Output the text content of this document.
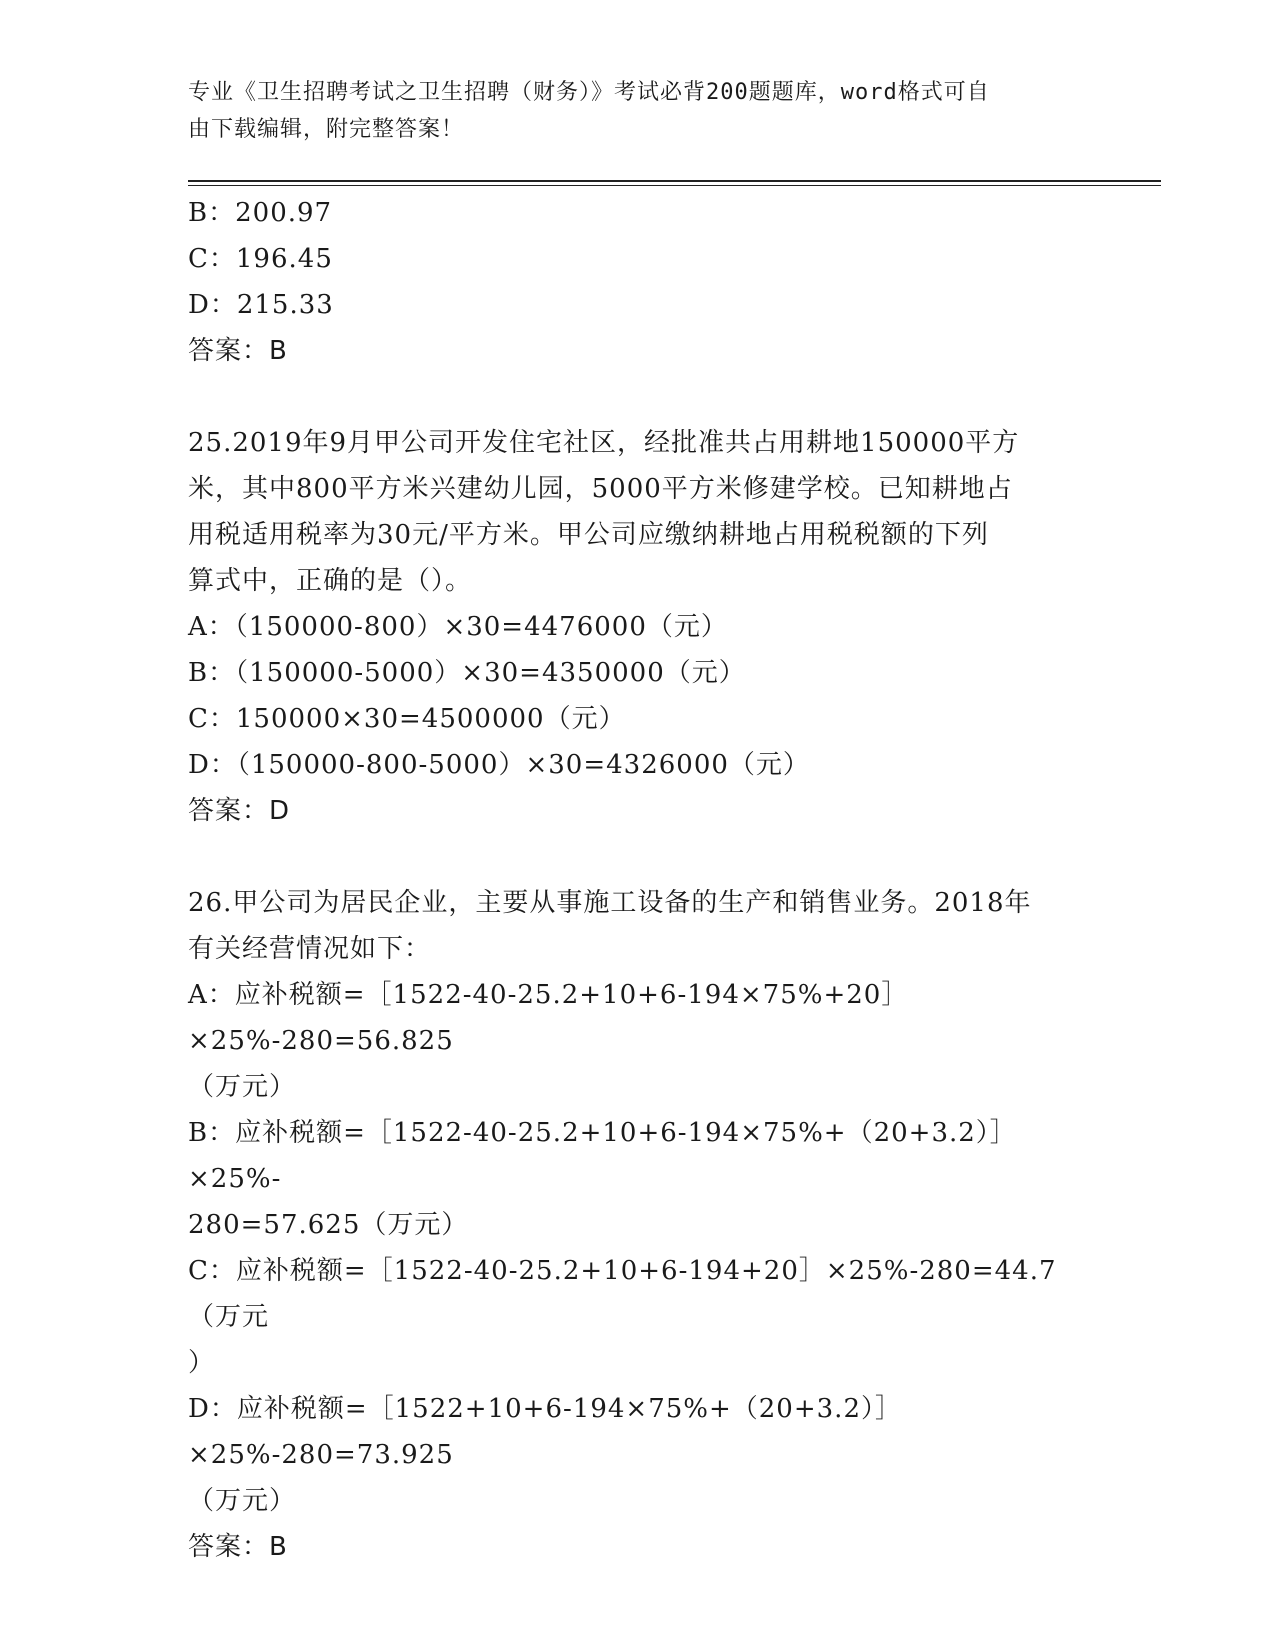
专业《卫生招聘考试之卫生招聘（财务）》考试必背200题题库，word格式可自
由下载编辑，附完整答案！

B：200.97

C：196.45

D：215.33

答案：B

25.2019年9月甲公司开发住宅社区，经批准共占用耕地150000平方

米，其中800平方米兴建幼儿园，5000平方米修建学校。已知耕地占

用税适用税率为30元/平方米。甲公司应缴纳耕地占用税税额的下列

算式中，正确的是（）。

A：（150000-800）×30=4476000（元）

B：（150000-5000）×30=4350000（元）

C：150000×30=4500000（元）

D：（150000-800-5000）×30=4326000（元）

答案：D

26.甲公司为居民企业，主要从事施工设备的生产和销售业务。2018年

有关经营情况如下：

A：应补税额=［1522-40-25.2+10+6-194×75%+20］×25%-280=56.825

（万元）

B：应补税额=［1522-40-25.2+10+6-194×75%+（20+3.2）］×25%-

280=57.625（万元）

C：应补税额=［1522-40-25.2+10+6-194+20］×25%-280=44.7（万元

）

D：应补税额=［1522+10+6-194×75%+（20+3.2）］×25%-280=73.925

（万元）

答案：B
